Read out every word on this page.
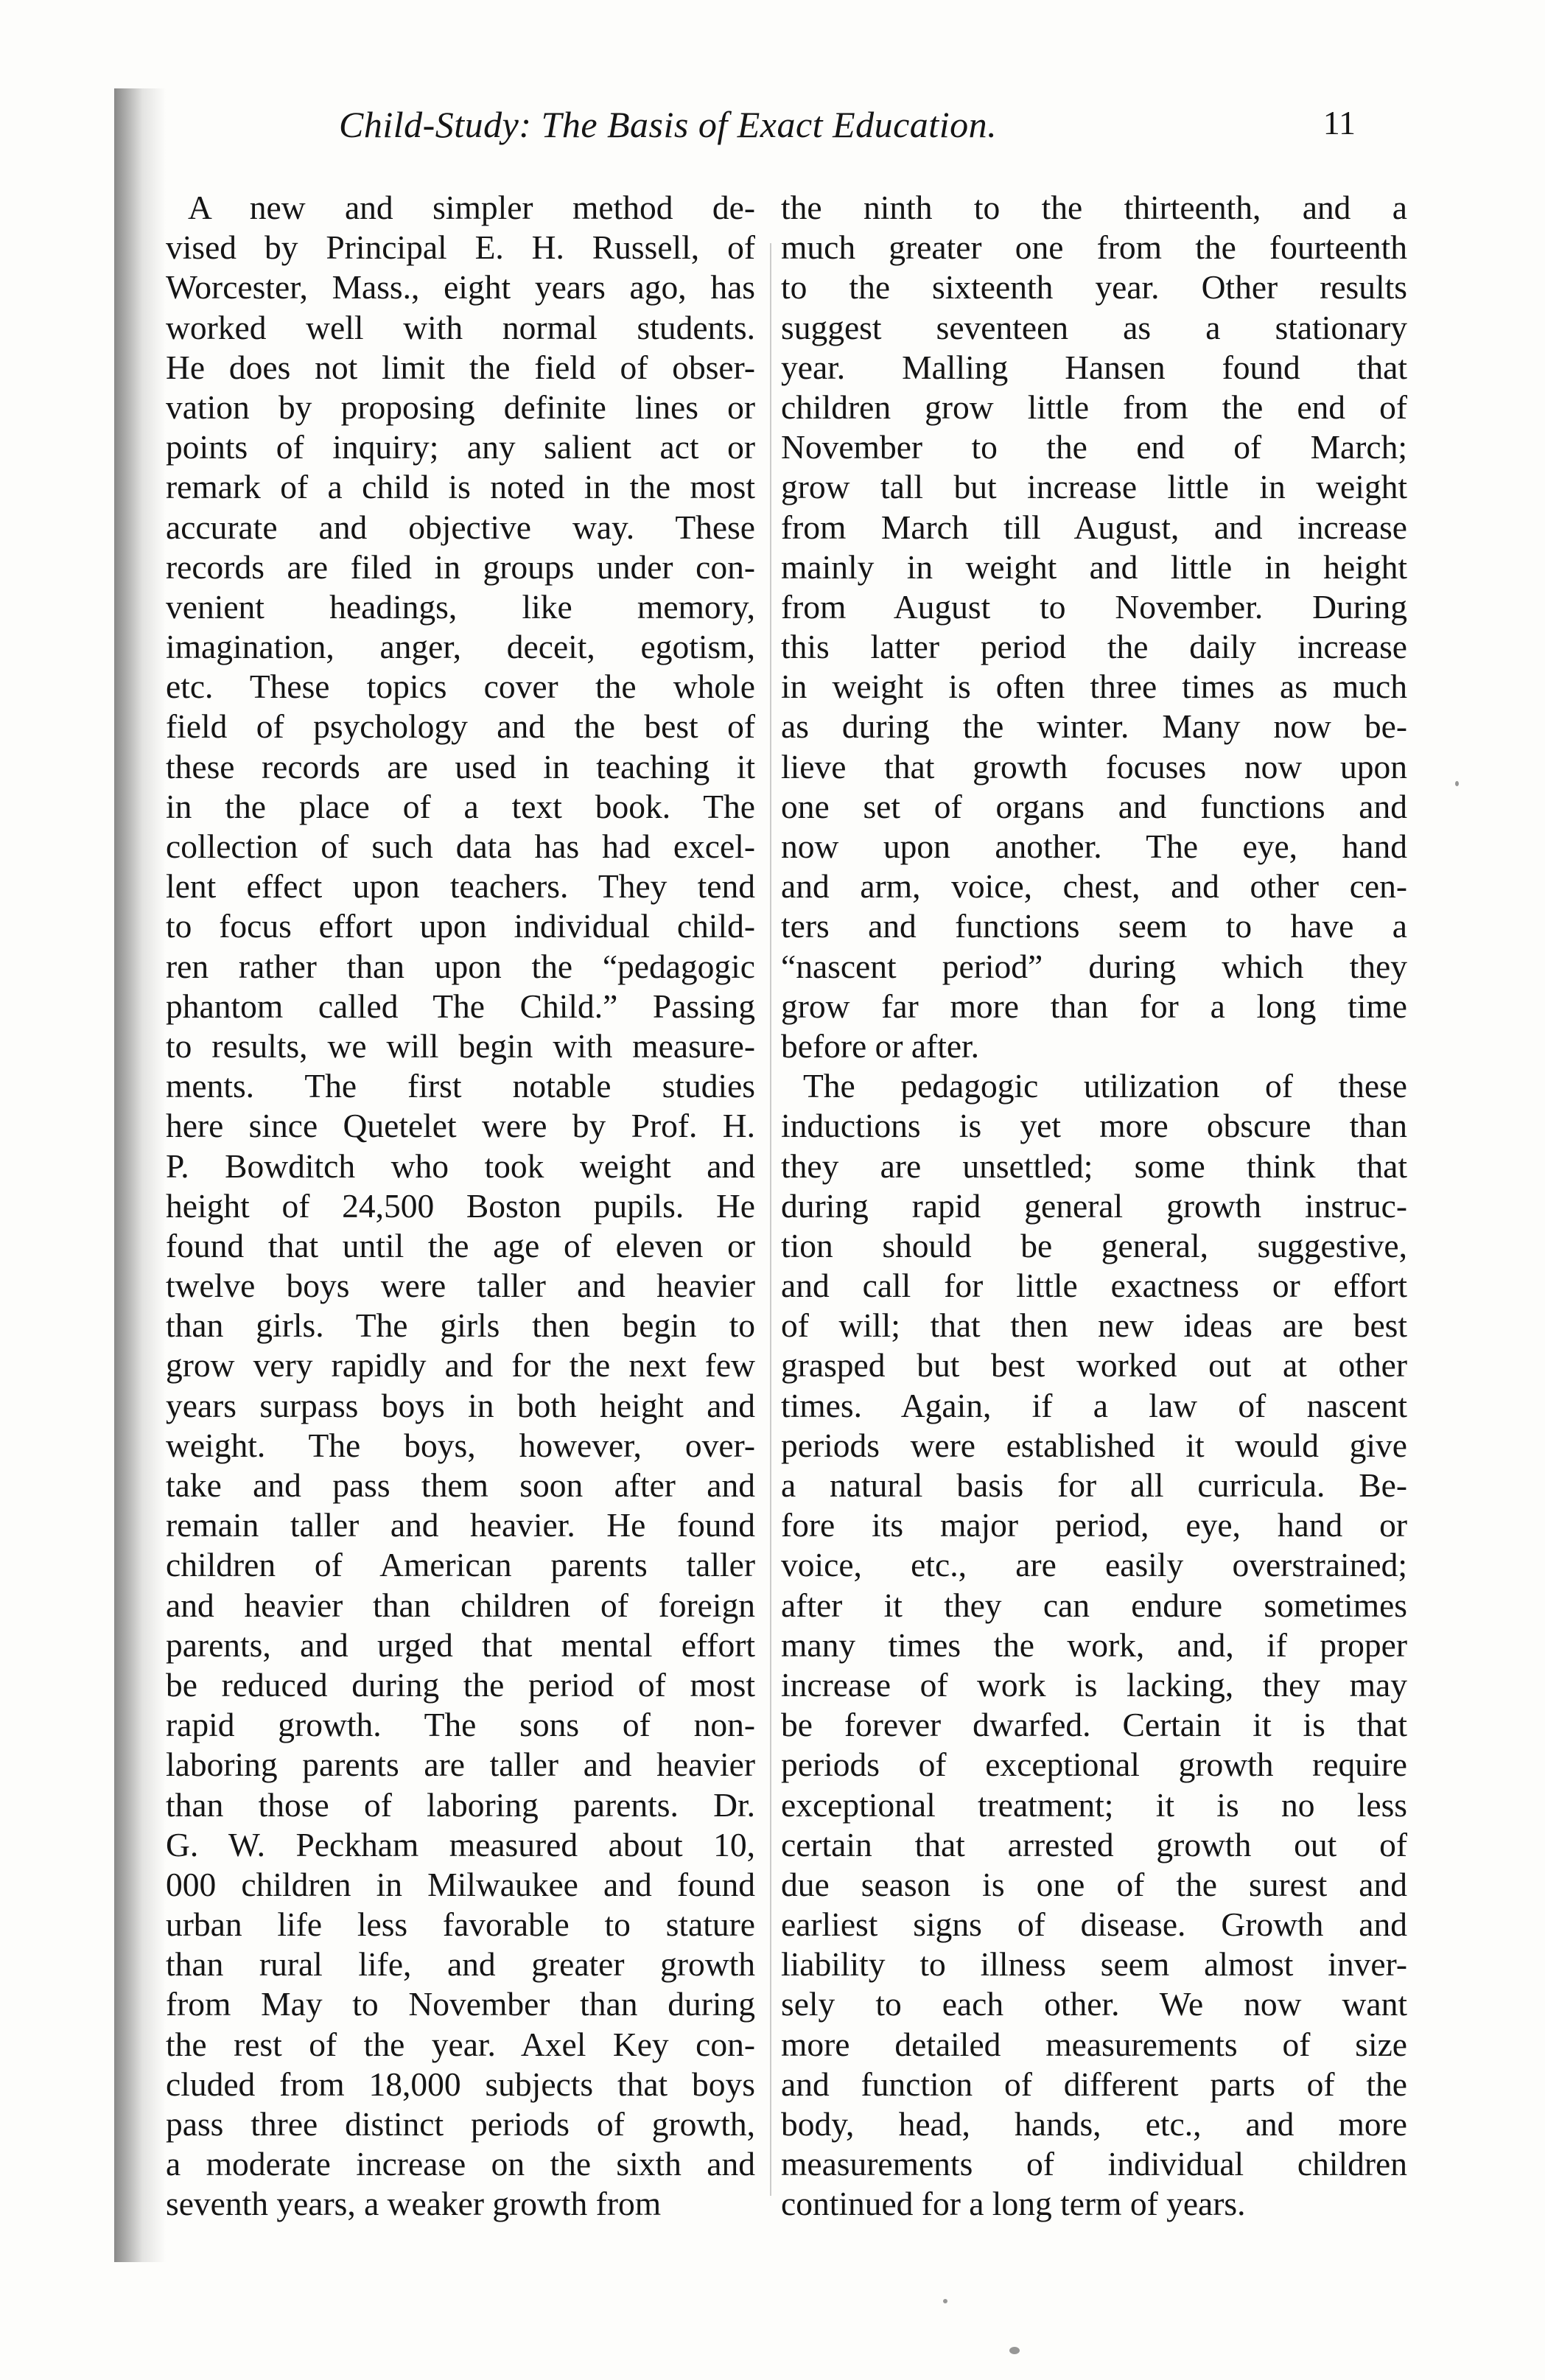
Child-Study: The Basis of Exact Education.	11
A new and simpler method de-
vised by Principal E. H. Russell, of
Worcester, Mass., eight years ago, has
worked well with normal students.
He does not limit the field of obser-
vation by proposing definite lines or
points of inquiry; any salient act or
remark of a child is noted in the most
accurate and objective way. These
records are filed in groups under con-
venient headings, like memory,
imagination, anger, deceit, egotism,
etc. These topics cover the whole
field of psychology and the best of
these records are used in teaching it
in the place of a text book. The
collection of such data has had excel-
lent effect upon teachers. They tend
to focus effort upon individual child-
ren rather than upon the “pedagogic
phantom called The Child.” Passing
to results, we will begin with measure-
ments. The first notable studies
here since Quetelet were by Prof. H.
P. Bowditch who took weight and
height of 24,500 Boston pupils. He
found that until the age of eleven or
twelve boys were taller and heavier
than girls. The girls then begin to
grow very rapidly and for the next few
years surpass boys in both height and
weight. The boys, however, over-
take and pass them soon after and
remain taller and heavier. He found
children of American parents taller
and heavier than children of foreign
parents, and urged that mental effort
be reduced during the period of most
rapid growth. The sons of non-
laboring parents are taller and heavier
than those of laboring parents. Dr.
G. W. Peckham measured about 10,
000 children in Milwaukee and found
urban life less favorable to stature
than rural life, and greater growth
from May to November than during
the rest of the year. Axel Key con-
cluded from 18,000 subjects that boys
pass three distinct periods of growth,
a moderate increase on the sixth and
seventh years, a weaker growth from
the ninth to the thirteenth, and a
much greater one from the fourteenth
to the sixteenth year. Other results
suggest seventeen as a stationary
year. Malling Hansen found that
children grow little from the end of
November to the end of March;
grow tall but increase little in weight
from March till August, and increase
mainly in weight and little in height
from August to November. During
this latter period the daily increase
in weight is often three times as much
as during the winter. Many now be-
lieve that growth focuses now upon
one set of organs and functions and
now upon another. The eye, hand
and arm, voice, chest, and other cen-
ters and functions seem to have a
“nascent period” during which they
grow far more than for a long time
before or after.
The pedagogic utilization of these
inductions is yet more obscure than
they are unsettled; some think that
during rapid general growth instruc-
tion should be general, suggestive,
and call for little exactness or effort
of will; that then new ideas are best
grasped but best worked out at other
times. Again, if a law of nascent
periods were established it would give
a natural basis for all curricula. Be-
fore its major period, eye, hand or
voice, etc., are easily overstrained;
after it they can endure sometimes
many times the work, and, if proper
increase of work is lacking, they may
be forever dwarfed. Certain it is that
periods of exceptional growth require
exceptional treatment; it is no less
certain that arrested growth out of
due season is one of the surest and
earliest signs of disease. Growth and
liability to illness seem almost inver-
sely to each other. We now want
more detailed measurements of size
and function of different parts of the
body, head, hands, etc., and more
measurements of individual children
continued for a long term of years.
